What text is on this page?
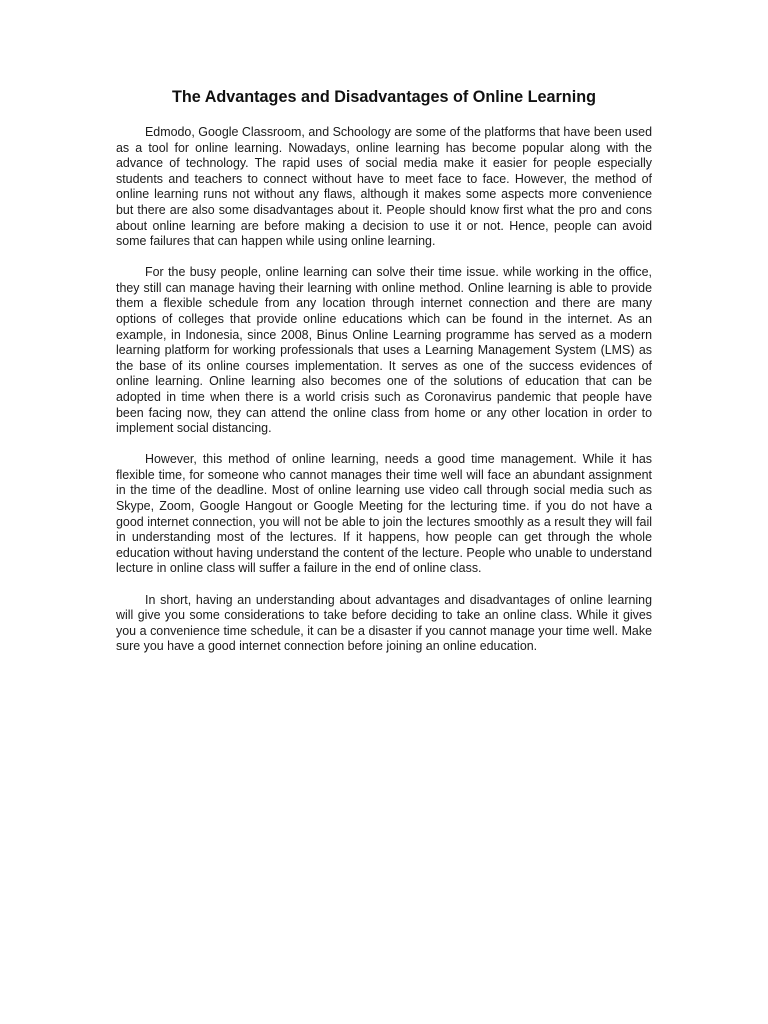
The Advantages and Disadvantages of Online Learning

Edmodo, Google Classroom, and Schoology are some of the platforms that have been used as a tool for online learning. Nowadays, online learning has become popular along with the advance of technology. The rapid uses of social media make it easier for people especially students and teachers to connect without have to meet face to face. However, the method of online learning runs not without any flaws, although it makes some aspects more convenience but there are also some disadvantages about it. People should know first what the pro and cons about online learning are before making a decision to use it or not. Hence, people can avoid some failures that can happen while using online learning.

For the busy people, online learning can solve their time issue. while working in the office, they still can manage having their learning with online method. Online learning is able to provide them a flexible schedule from any location through internet connection and there are many options of colleges that provide online educations which can be found in the internet. As an example, in Indonesia, since 2008, Binus Online Learning programme has served as a modern learning platform for working professionals that uses a Learning Management System (LMS) as the base of its online courses implementation. It serves as one of the success evidences of online learning. Online learning also becomes one of the solutions of education that can be adopted in time when there is a world crisis such as Coronavirus pandemic that people have been facing now, they can attend the online class from home or any other location in order to implement social distancing.

However, this method of online learning, needs a good time management. While it has flexible time, for someone who cannot manages their time well will face an abundant assignment in the time of the deadline. Most of online learning use video call through social media such as Skype, Zoom, Google Hangout or Google Meeting for the lecturing time. if you do not have a good internet connection, you will not be able to join the lectures smoothly as a result they will fail in understanding most of the lectures. If it happens, how people can get through the whole education without having understand the content of the lecture. People who unable to understand lecture in online class will suffer a failure in the end of online class.

In short, having an understanding about advantages and disadvantages of online learning will give you some considerations to take before deciding to take an online class. While it gives you a convenience time schedule, it can be a disaster if you cannot manage your time well. Make sure you have a good internet connection before joining an online education.
